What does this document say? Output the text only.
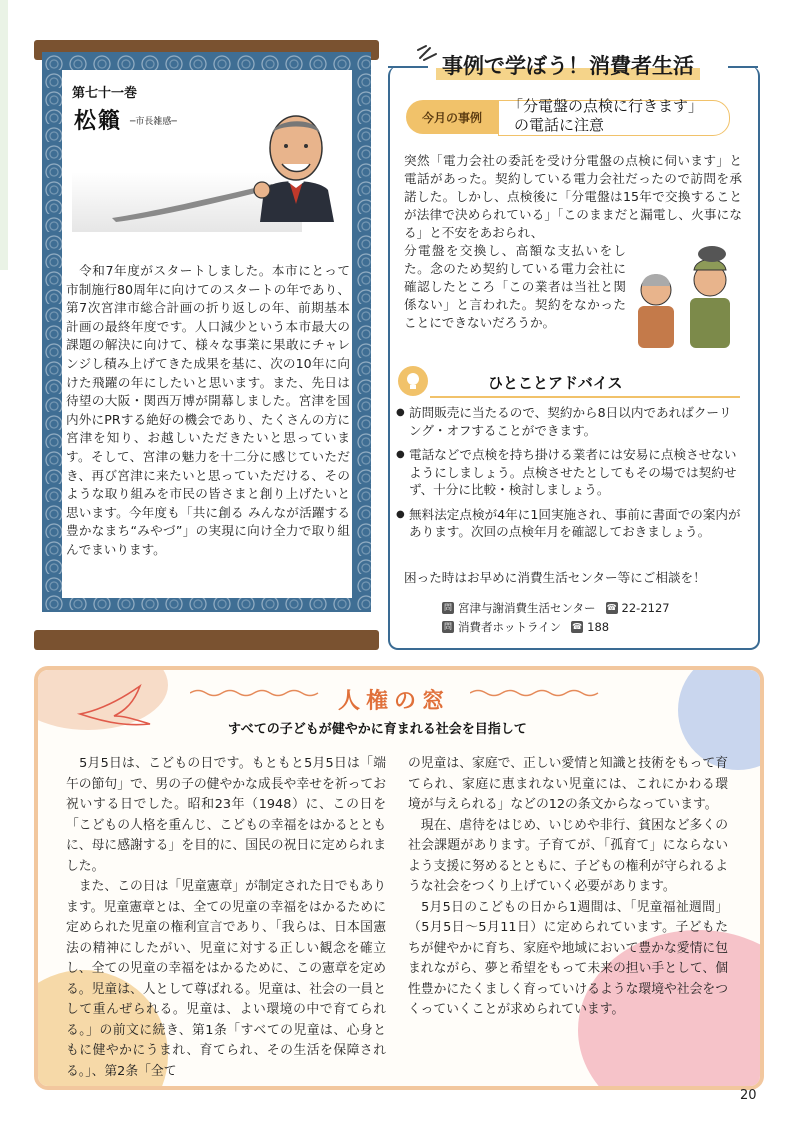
第七十一巻
松籟 ─市長雑感─
　令和7年度がスタートしました。本市にとって市制施行80周年に向けてのスタートの年であり、第7次宮津市総合計画の折り返しの年、前期基本計画の最終年度です。人口減少という本市最大の課題の解決に向けて、様々な事業に果敢にチャレンジし積み上げてきた成果を基に、次の10年に向けた飛躍の年にしたいと思います。また、先日は待望の大阪・関西万博が開幕しました。宮津を国内外にPRする絶好の機会であり、たくさんの方に宮津を知り、お越しいただきたいと思っています。そして、宮津の魅力を十二分に感じていただき、再び宮津に来たいと思っていただける、そのような取り組みを市民の皆さまと創り上げたいと思います。今年度も「共に創る みんなが活躍する 豊かなまち“みやづ”」の実現に向け全力で取り組んでまいります。
事例で学ぼう！消費者生活
今月の事例
「分電盤の点検に行きます」
の電話に注意
突然「電力会社の委託を受け分電盤の点検に伺います」と電話があった。契約している電力会社だったので訪問を承諾した。しかし、点検後に「分電盤は15年で交換することが法律で決められている」「このままだと漏電し、火事になる」と不安をあおられ、
分電盤を交換し、高額な支払いをした。念のため契約している電力会社に確認したところ「この業者は当社と関係ない」と言われた。契約をなかったことにできないだろうか。
ひとことアドバイス
● 訪問販売に当たるので、契約から8日以内であればクーリング・オフすることができます。
● 電話などで点検を持ち掛ける業者には安易に点検させないようにしましょう。点検させたとしてもその場では契約せず、十分に比較・検討しましょう。
● 無料法定点検が4年に1回実施され、事前に書面での案内があります。次回の点検年月を確認しておきましょう。
困った時はお早めに消費生活センター等にご相談を！
問 宮津与謝消費生活センター ☎ 22-2127
問 消費者ホットライン ☎ 188
人権の窓
すべての子どもが健やかに育まれる社会を目指して
　5月5日は、こどもの日です。もともと5月5日は「端午の節句」で、男の子の健やかな成長や幸せを祈ってお祝いする日でした。昭和23年（1948）に、この日を「こどもの人格を重んじ、こどもの幸福をはかるとともに、母に感謝する」を目的に、国民の祝日に定められました。
　また、この日は「児童憲章」が制定された日でもあります。児童憲章とは、全ての児童の幸福をはかるために定められた児童の権利宣言であり、「我らは、日本国憲法の精神にしたがい、児童に対する正しい観念を確立し、全ての児童の幸福をはかるために、この憲章を定める。児童は、人として尊ばれる。児童は、社会の一員として重んぜられる。児童は、よい環境の中で育てられる。」の前文に続き、第1条「すべての児童は、心身ともに健やかにうまれ、育てられ、その生活を保障される。」、第2条「全て
の児童は、家庭で、正しい愛情と知識と技術をもって育てられ、家庭に恵まれない児童には、これにかわる環境が与えられる」などの12の条文からなっています。
　現在、虐待をはじめ、いじめや非行、貧困など多くの社会課題があります。子育てが、「孤育て」にならないよう支援に努めるとともに、子どもの権利が守られるような社会をつくり上げていく必要があります。
　5月5日のこどもの日から1週間は、「児童福祉週間」（5月5日～5月11日）に定められています。子どもたちが健やかに育ち、家庭や地域において豊かな愛情に包まれながら、夢と希望をもって未来の担い手として、個性豊かにたくましく育っていけるような環境や社会をつくっていくことが求められています。
20
